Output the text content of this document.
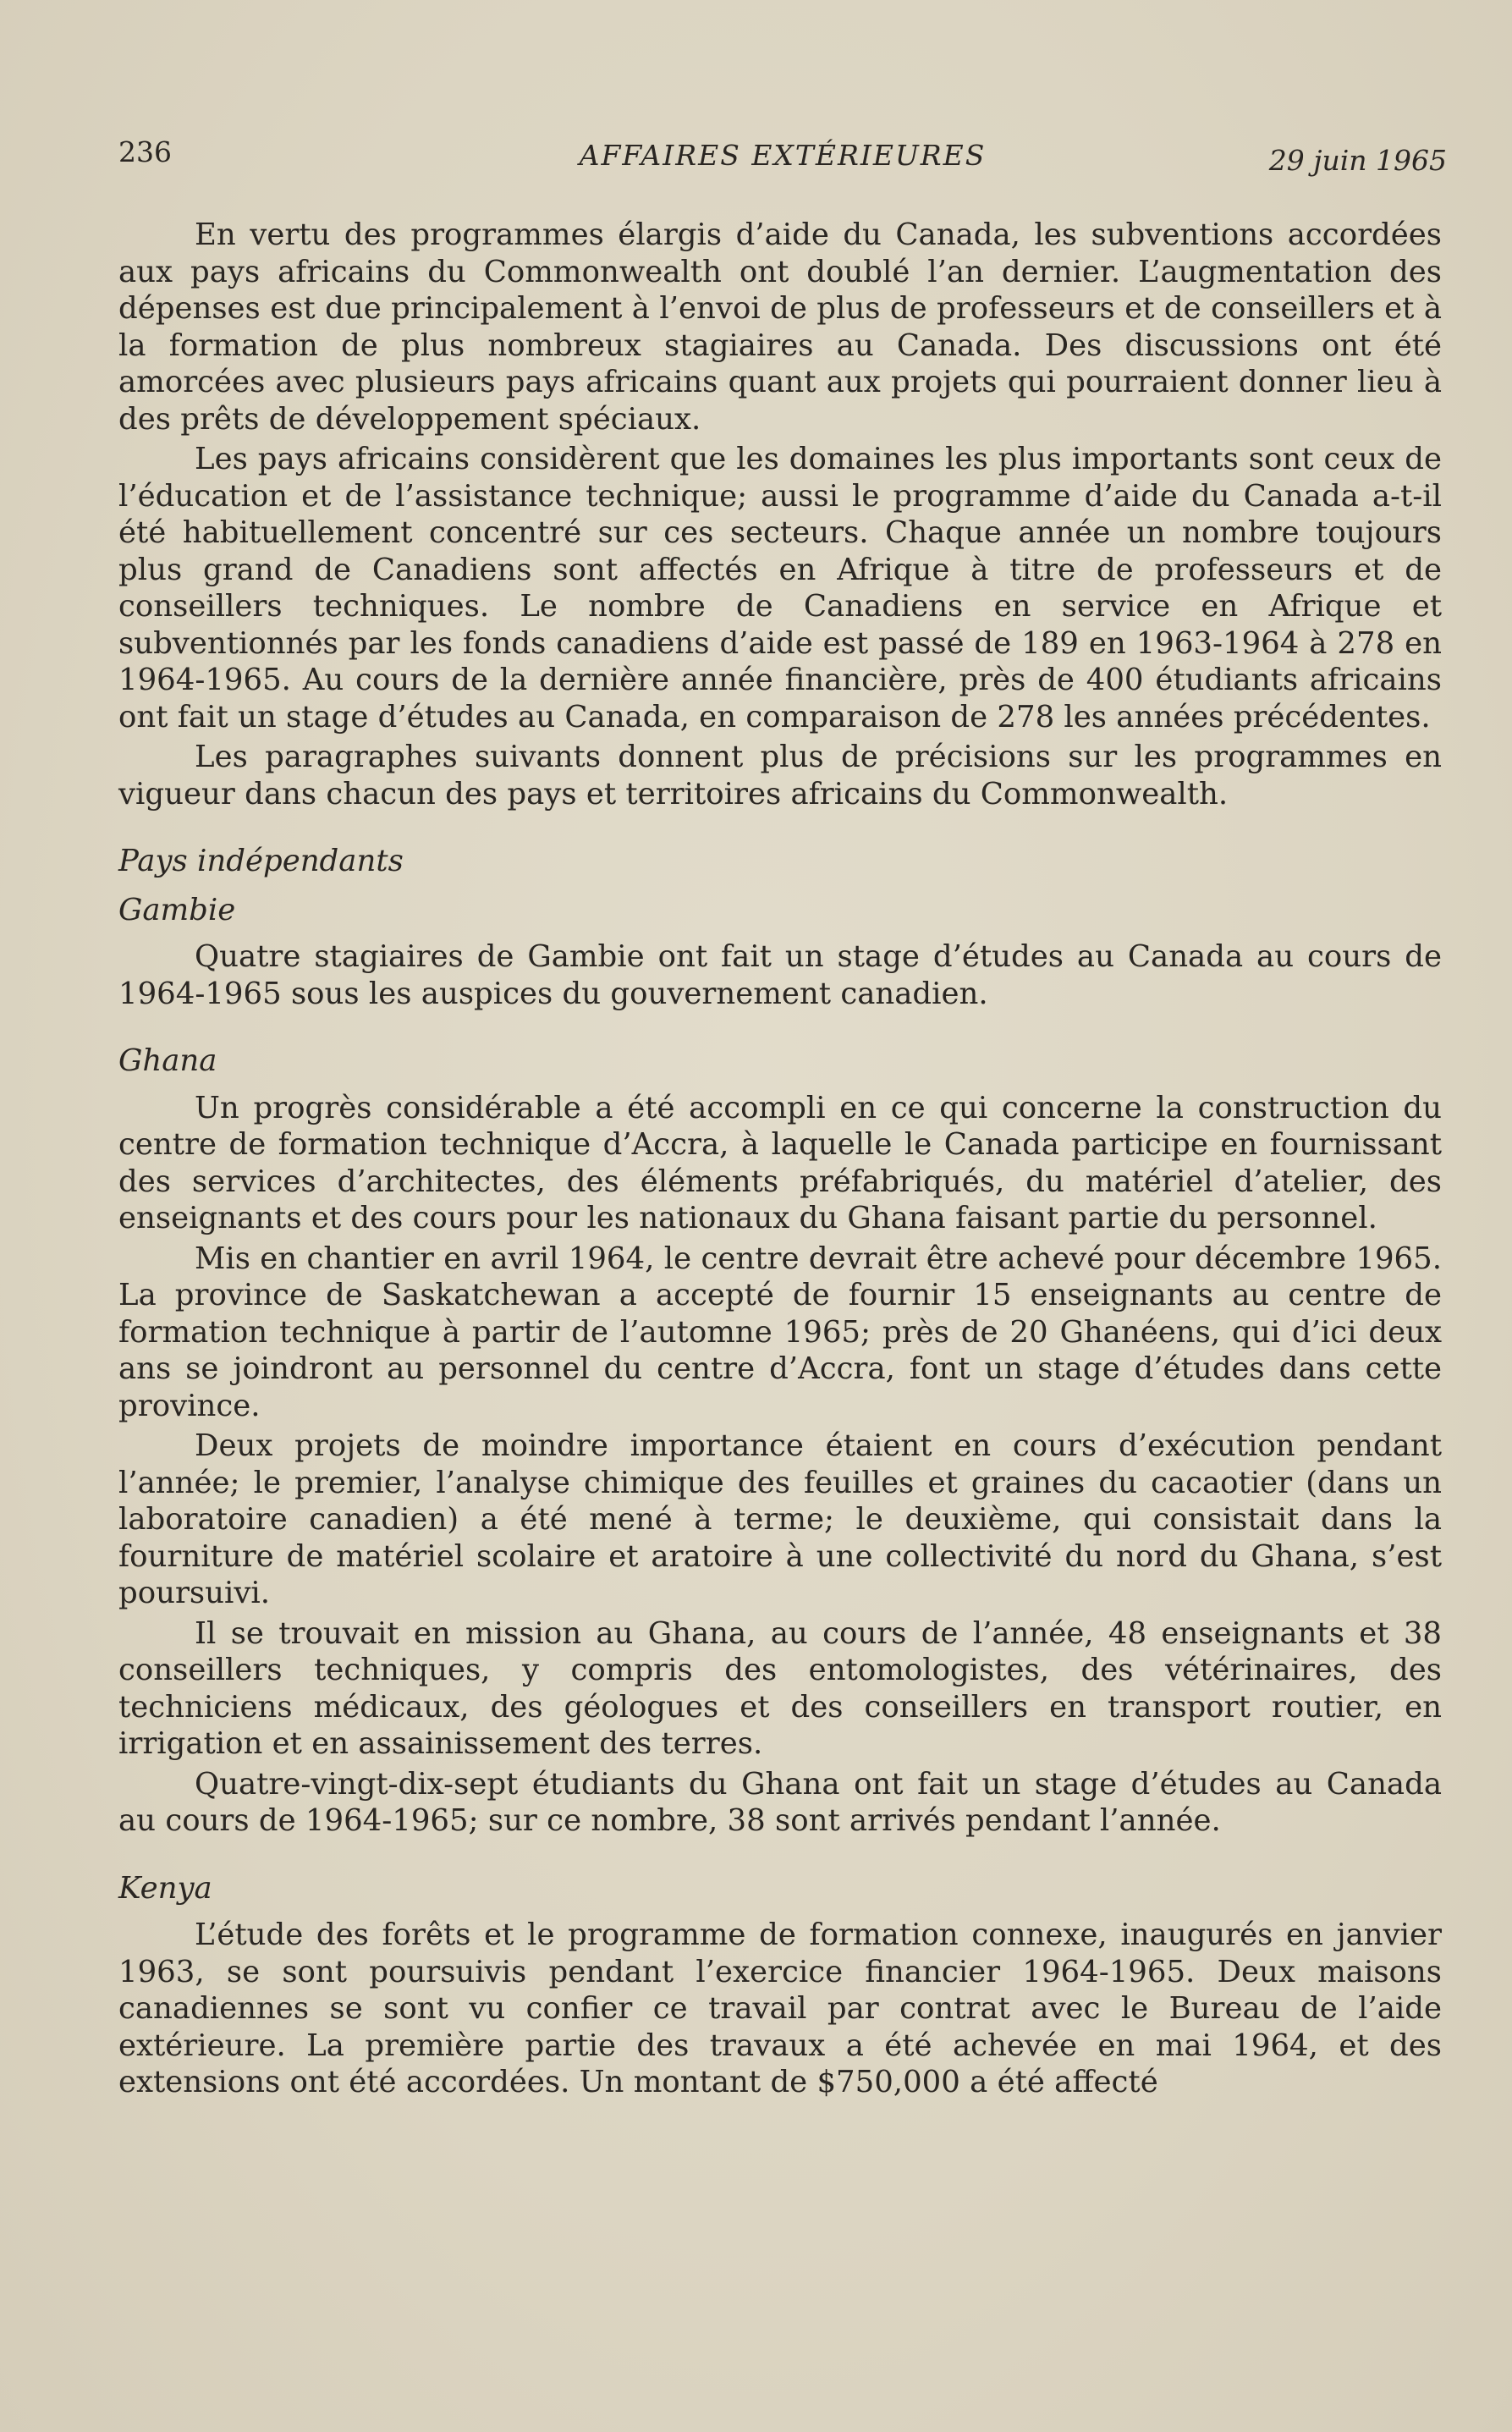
236	AFFAIRES EXTÉRIEURES	29 juin 1965

En vertu des programmes élargis d’aide du Canada, les subventions accordées aux pays africains du Commonwealth ont doublé l’an dernier. L’augmentation des dépenses est due principalement à l’envoi de plus de professeurs et de conseillers et à la formation de plus nombreux stagiaires au Canada. Des discussions ont été amorcées avec plusieurs pays africains quant aux projets qui pourraient donner lieu à des prêts de développement spéciaux.

Les pays africains considèrent que les domaines les plus importants sont ceux de l’éducation et de l’assistance technique; aussi le programme d’aide du Canada a-t-il été habituellement concentré sur ces secteurs. Chaque année un nombre toujours plus grand de Canadiens sont affectés en Afrique à titre de professeurs et de conseillers techniques. Le nombre de Canadiens en service en Afrique et subventionnés par les fonds canadiens d’aide est passé de 189 en 1963-1964 à 278 en 1964-1965. Au cours de la dernière année financière, près de 400 étudiants africains ont fait un stage d’études au Canada, en comparaison de 278 les années précédentes.

Les paragraphes suivants donnent plus de précisions sur les programmes en vigueur dans chacun des pays et territoires africains du Commonwealth.

Pays indépendants
Gambie

Quatre stagiaires de Gambie ont fait un stage d’études au Canada au cours de 1964-1965 sous les auspices du gouvernement canadien.

Ghana

Un progrès considérable a été accompli en ce qui concerne la construction du centre de formation technique d’Accra, à laquelle le Canada participe en fournissant des services d’architectes, des éléments préfabriqués, du matériel d’atelier, des enseignants et des cours pour les nationaux du Ghana faisant partie du personnel.

Mis en chantier en avril 1964, le centre devrait être achevé pour décembre 1965. La province de Saskatchewan a accepté de fournir 15 enseignants au centre de formation technique à partir de l’automne 1965; près de 20 Ghanéens, qui d’ici deux ans se joindront au personnel du centre d’Accra, font un stage d’études dans cette province.

Deux projets de moindre importance étaient en cours d’exécution pendant l’année; le premier, l’analyse chimique des feuilles et graines du cacaotier (dans un laboratoire canadien) a été mené à terme; le deuxième, qui consistait dans la fourniture de matériel scolaire et aratoire à une collectivité du nord du Ghana, s’est poursuivi.

Il se trouvait en mission au Ghana, au cours de l’année, 48 enseignants et 38 conseillers techniques, y compris des entomologistes, des vétérinaires, des techniciens médicaux, des géologues et des conseillers en transport routier, en irrigation et en assainissement des terres.

Quatre-vingt-dix-sept étudiants du Ghana ont fait un stage d’études au Canada au cours de 1964-1965; sur ce nombre, 38 sont arrivés pendant l’année.

Kenya

L’étude des forêts et le programme de formation connexe, inaugurés en janvier 1963, se sont poursuivis pendant l’exercice financier 1964-1965. Deux maisons canadiennes se sont vu confier ce travail par contrat avec le Bureau de l’aide extérieure. La première partie des travaux a été achevée en mai 1964, et des extensions ont été accordées. Un montant de $750,000 a été affecté
